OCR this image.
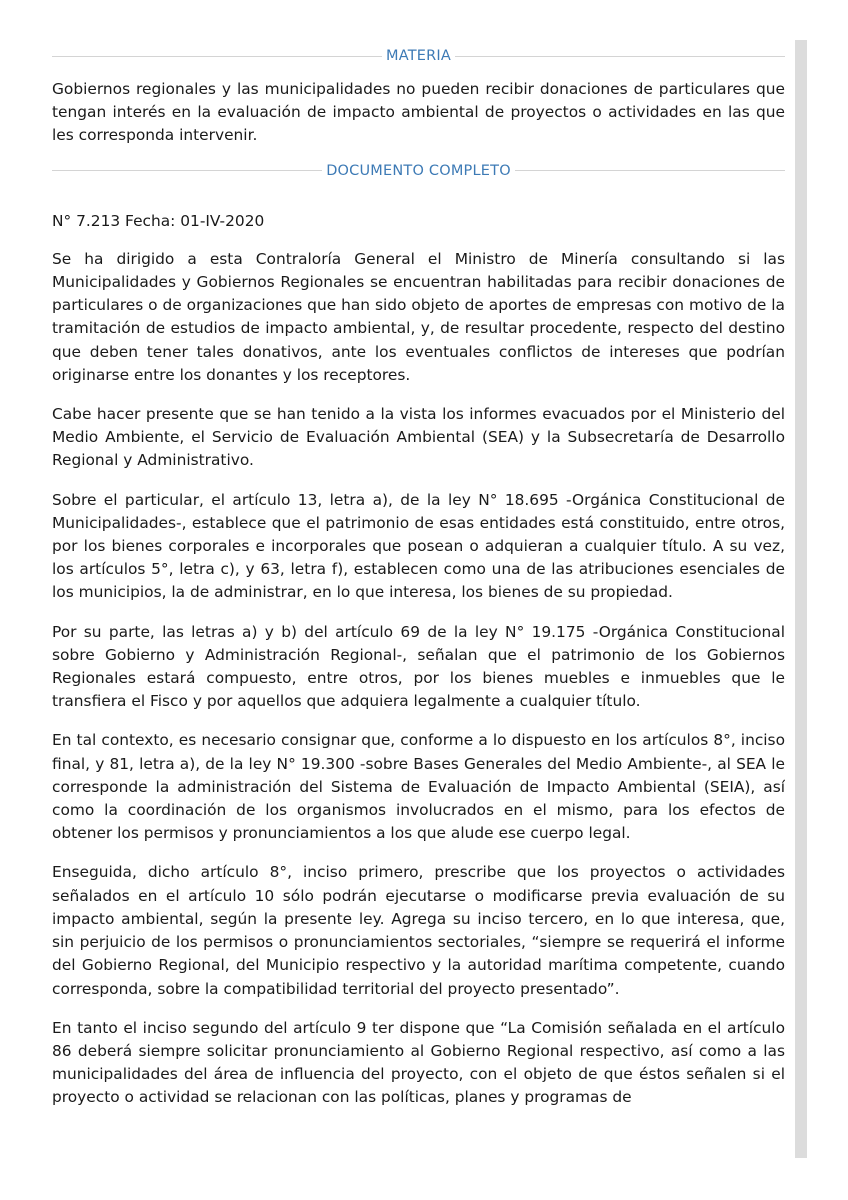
MATERIA

Gobiernos regionales y las municipalidades no pueden recibir donaciones de particulares que tengan interés en la evaluación de impacto ambiental de proyectos o actividades en las que les corresponda intervenir.

DOCUMENTO COMPLETO

N° 7.213 Fecha: 01-IV-2020

Se ha dirigido a esta Contraloría General el Ministro de Minería consultando si las Municipalidades y Gobiernos Regionales se encuentran habilitadas para recibir donaciones de particulares o de organizaciones que han sido objeto de aportes de empresas con motivo de la tramitación de estudios de impacto ambiental, y, de resultar procedente, respecto del destino que deben tener tales donativos, ante los eventuales conflictos de intereses que podrían originarse entre los donantes y los receptores.

Cabe hacer presente que se han tenido a la vista los informes evacuados por el Ministerio del Medio Ambiente, el Servicio de Evaluación Ambiental (SEA) y la Subsecretaría de Desarrollo Regional y Administrativo.

Sobre el particular, el artículo 13, letra a), de la ley N° 18.695 -Orgánica Constitucional de Municipalidades-, establece que el patrimonio de esas entidades está constituido, entre otros, por los bienes corporales e incorporales que posean o adquieran a cualquier título. A su vez, los artículos 5°, letra c), y 63, letra f), establecen como una de las atribuciones esenciales de los municipios, la de administrar, en lo que interesa, los bienes de su propiedad.

Por su parte, las letras a) y b) del artículo 69 de la ley N° 19.175 -Orgánica Constitucional sobre Gobierno y Administración Regional-, señalan que el patrimonio de los Gobiernos Regionales estará compuesto, entre otros, por los bienes muebles e inmuebles que le transfiera el Fisco y por aquellos que adquiera legalmente a cualquier título.

En tal contexto, es necesario consignar que, conforme a lo dispuesto en los artículos 8°, inciso final, y 81, letra a), de la ley N° 19.300 -sobre Bases Generales del Medio Ambiente-, al SEA le corresponde la administración del Sistema de Evaluación de Impacto Ambiental (SEIA), así como la coordinación de los organismos involucrados en el mismo, para los efectos de obtener los permisos y pronunciamientos a los que alude ese cuerpo legal.

Enseguida, dicho artículo 8°, inciso primero, prescribe que los proyectos o actividades señalados en el artículo 10 sólo podrán ejecutarse o modificarse previa evaluación de su impacto ambiental, según la presente ley. Agrega su inciso tercero, en lo que interesa, que, sin perjuicio de los permisos o pronunciamientos sectoriales, “siempre se requerirá el informe del Gobierno Regional, del Municipio respectivo y la autoridad marítima competente, cuando corresponda, sobre la compatibilidad territorial del proyecto presentado”.

En tanto el inciso segundo del artículo 9 ter dispone que “La Comisión señalada en el artículo 86 deberá siempre solicitar pronunciamiento al Gobierno Regional respectivo, así como a las municipalidades del área de influencia del proyecto, con el objeto de que éstos señalen si el proyecto o actividad se relacionan con las políticas, planes y programas de
